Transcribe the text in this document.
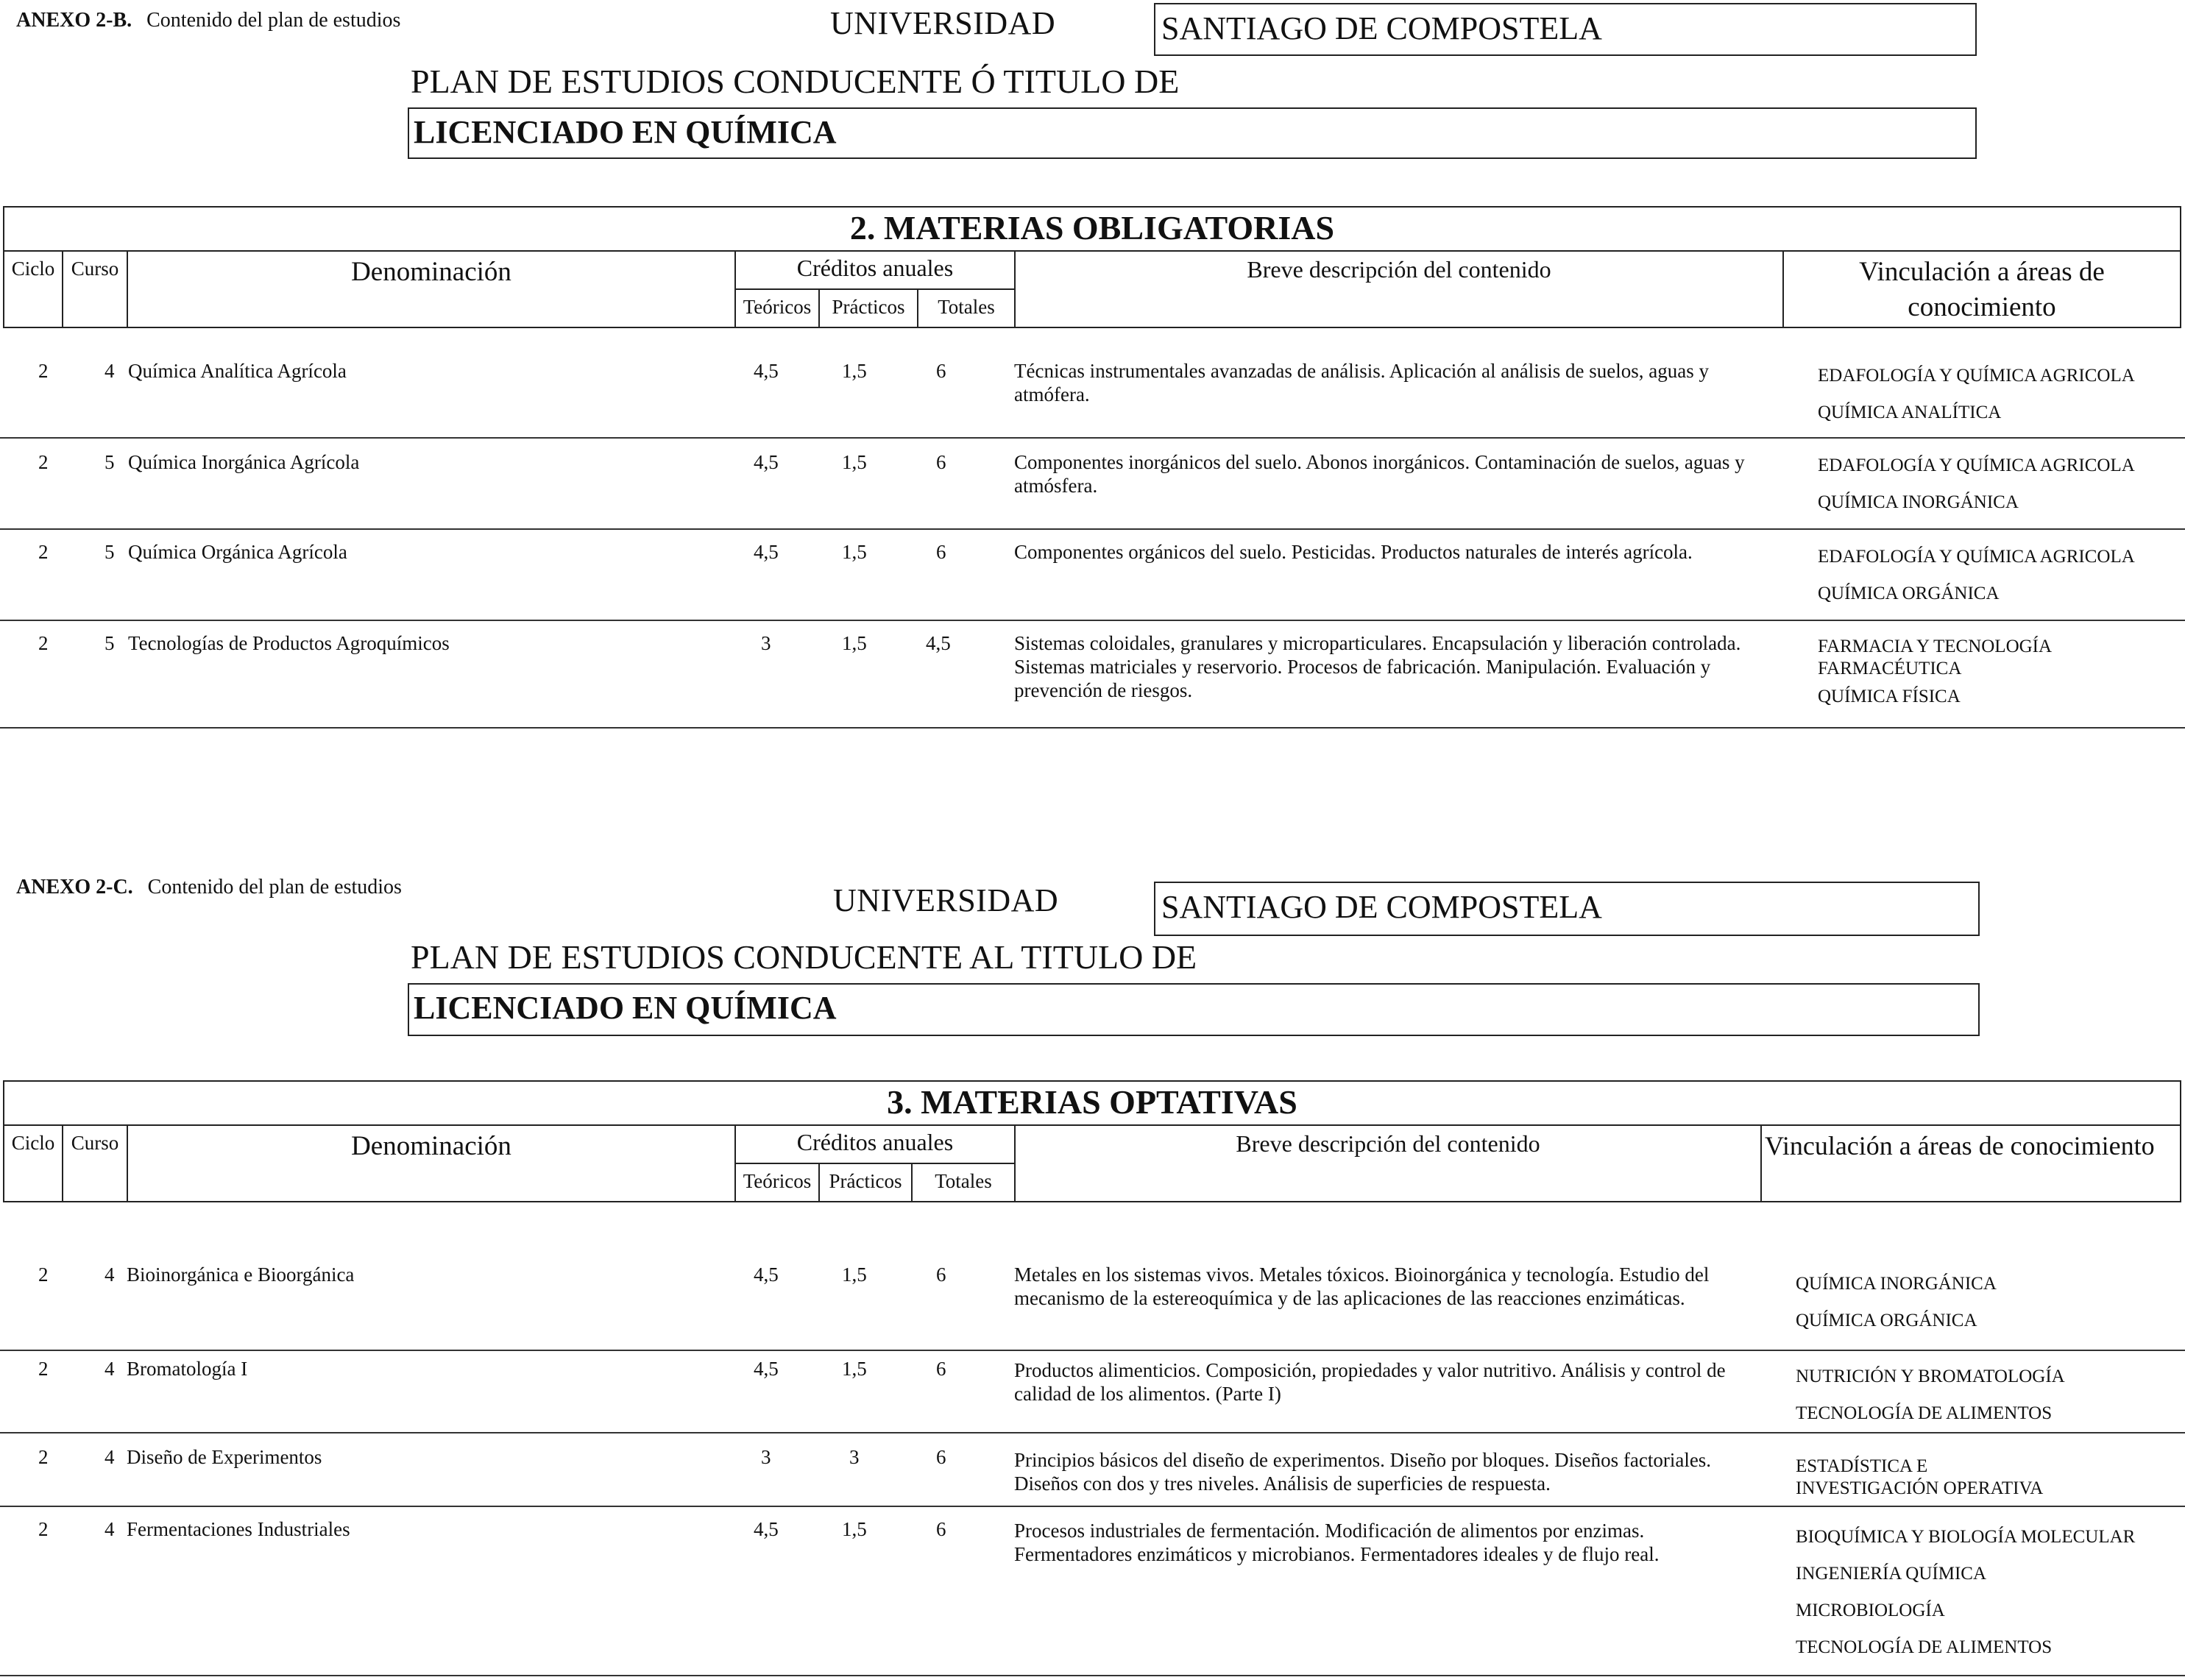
ANEXO 2-B. Contenido del plan de estudios	UNIVERSIDAD	SANTIAGO DE COMPOSTELA
PLAN DE ESTUDIOS CONDUCENTE Ó TITULO DE
LICENCIADO EN QUÍMICA
2. MATERIAS OBLIGATORIAS
Ciclo Curso	Denominación	Créditos anuales
Teóricos	Prácticos	Totales
Breve descripción del contenido	Vinculación a áreas de
conocimiento
2	4 Química Analítica Agrícola	4,5	1,5	6	Técnicas instrumentales avanzadas de análisis. Aplicación al análisis de suelos, aguas y atmófera.
EDAFOLOGÍA Y QUÍMICA AGRICOLA
QUÍMICA ANALÍTICA
2	5 Química Inorgánica Agrícola	4,5	1,5	6	Componentes inorgánicos del suelo. Abonos inorgánicos. Contaminación de suelos, aguas y atmósfera.
EDAFOLOGÍA Y QUÍMICA AGRICOLA
QUÍMICA INORGÁNICA
2	5 Química Orgánica Agrícola	4,5	1,5	6	Componentes orgánicos del suelo. Pesticidas. Productos naturales de interés agrícola.	EDAFOLOGÍA Y QUÍMICA AGRICOLA
QUÍMICA ORGÁNICA
2	5 Tecnologías de Productos Agroquímicos	3	1,5	4,5	Sistemas coloidales, granulares y microparticulares. Encapsulación y liberación controlada. Sistemas matriciales y reservorio. Procesos de fabricación. Manipulación. Evaluación y prevención de riesgos.
FARMACIA Y TECNOLOGÍA FARMACÉUTICA
QUÍMICA FÍSICA
ANEXO 2-C. Contenido del plan de estudios	UNIVERSIDAD	SANTIAGO DE COMPOSTELA
PLAN DE ESTUDIOS CONDUCENTE AL TITULO DE
LICENCIADO EN QUÍMICA
3. MATERIAS OPTATIVAS
Ciclo Curso	Denominación	Créditos anuales
Teóricos Prácticos	Totales
Breve descripción del contenido	Vinculación a áreas de conocimiento
2	4 Bioinorgánica e Bioorgánica	4,5	1,5	6	Metales en los sistemas vivos. Metales tóxicos. Bioinorgánica y tecnología. Estudio del mecanismo de la estereoquímica y de las aplicaciones de las reacciones enzimáticas.
QUÍMICA INORGÁNICA
QUÍMICA ORGÁNICA
2	4 Bromatología I	4,5	1,5	6	Productos alimenticios. Composición, propiedades y valor nutritivo. Análisis y control de calidad de los alimentos. (Parte I)
NUTRICIÓN Y BROMATOLOGÍA
TECNOLOGÍA DE ALIMENTOS
2	4 Diseño de Experimentos	3	3	6	Principios básicos del diseño de experimentos. Diseño por bloques. Diseños factoriales. Diseños con dos y tres niveles. Análisis de superficies de respuesta.
ESTADÍSTICA E INVESTIGACIÓN OPERATIVA
2	4 Fermentaciones Industriales	4,5	1,5	6	Procesos industriales de fermentación. Modificación de alimentos por enzimas. Fermentadores enzimáticos y microbianos. Fermentadores ideales y de flujo real.
BIOQUÍMICA Y BIOLOGÍA MOLECULAR
INGENIERÍA QUÍMICA
MICROBIOLOGÍA
TECNOLOGÍA DE ALIMENTOS
